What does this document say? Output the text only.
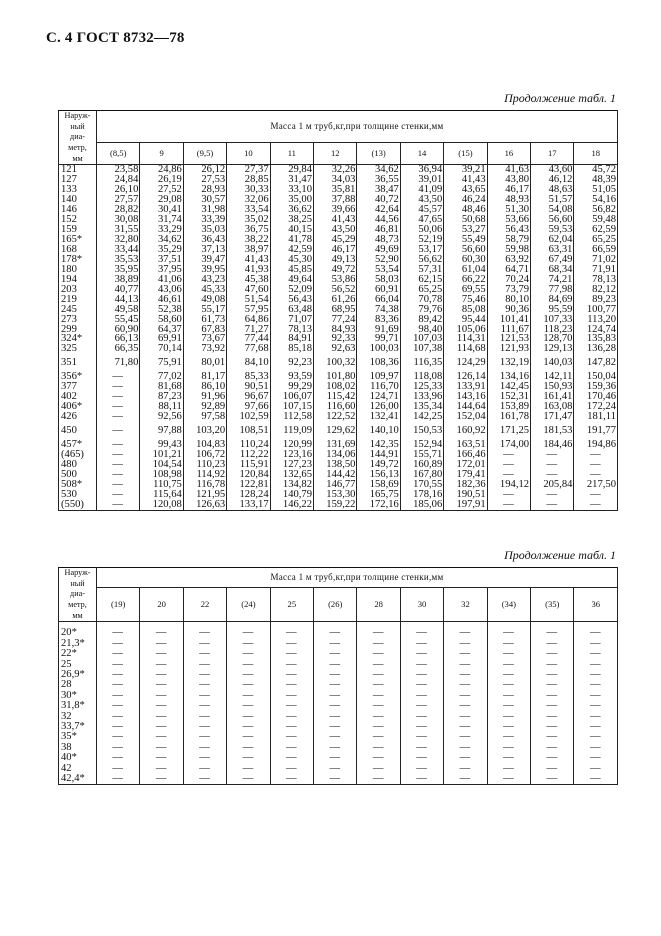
С. 4 ГОСТ 8732—78
Продолжение табл. 1
Наруж-
ный
диа-
метр,
мм	Масса 1 м труб,кг,при толщине стенки,мм											
	(8,5)	9	(9,5)	10	11	12	(13)	14	(15)	16	17	18
121	23,58	24,86	26,12	27,37	29,84	32,26	34,62	36,94	39,21	41,63	43,60	45,72
127	24,84	26,19	27,53	28,85	31,47	34,03	36,55	39,01	41,43	43,80	46,12	48,39
133	26,10	27,52	28,93	30,33	33,10	35,81	38,47	41,09	43,65	46,17	48,63	51,05
140	27,57	29,08	30,57	32,06	35,00	37,88	40,72	43,50	46,24	48,93	51,57	54,16
146	28,82	30,41	31,98	33,54	36,62	39,66	42,64	45,57	48,46	51,30	54,08	56,82
152	30,08	31,74	33,39	35,02	38,25	41,43	44,56	47,65	50,68	53,66	56,60	59,48
159	31,55	33,29	35,03	36,75	40,15	43,50	46,81	50,06	53,27	56,43	59,53	62,59
165*	32,80	34,62	36,43	38,22	41,78	45,29	48,73	52,19	55,49	58,79	62,04	65,25
168	33,44	35,29	37,13	38,97	42,59	46,17	49,69	53,17	56,60	59,98	63,31	66,59
178*	35,53	37,51	39,47	41,43	45,30	49,13	52,90	56,62	60,30	63,92	67,49	71,02
180	35,95	37,95	39,95	41,93	45,85	49,72	53,54	57,31	61,04	64,71	68,34	71,91
194	38,89	41,06	43,23	45,38	49,64	53,86	58,03	62,15	66,22	70,24	74,21	78,13
203	40,77	43,06	45,33	47,60	52,09	56,52	60,91	65,25	69,55	73,79	77,98	82,12
219	44,13	46,61	49,08	51,54	56,43	61,26	66,04	70,78	75,46	80,10	84,69	89,23
245	49,58	52,38	55,17	57,95	63,48	68,95	74,38	79,76	85,08	90,36	95,59	100,77
273	55,45	58,60	61,73	64,86	71,07	77,24	83,36	89,42	95,44	101,41	107,33	113,20
299	60,90	64,37	67,83	71,27	78,13	84,93	91,69	98,40	105,06	111,67	118,23	124,74
324*	66,13	69,91	73,67	77,44	84,91	92,33	99,71	107,03	114,31	121,53	128,70	135,83
325	66,35	70,14	73,92	77,68	85,18	92,63	100,03	107,38	114,68	121,93	129,13	136,28
351	71,80	75,91	80,01	84,10	92,23	100,32	108,36	116,35	124,29	132,19	140,03	147,82
356*	—	77,02	81,17	85,33	93,59	101,80	109,97	118,08	126,14	134,16	142,11	150,04
377	—	81,68	86,10	90,51	99,29	108,02	116,70	125,33	133,91	142,45	150,93	159,36
402	—	87,23	91,96	96,67	106,07	115,42	124,71	133,96	143,16	152,31	161,41	170,46
406*	—	88,11	92,89	97,66	107,15	116,60	126,00	135,34	144,64	153,89	163,08	172,24
426	—	92,56	97,58	102,59	112,58	122,52	132,41	142,25	152,04	161,78	171,47	181,11
450	—	97,88	103,20	108,51	119,09	129,62	140,10	150,53	160,92	171,25	181,53	191,77
457*	—	99,43	104,83	110,24	120,99	131,69	142,35	152,94	163,51	174,00	184,46	194,86
(465)	—	101,21	106,72	112,22	123,16	134,06	144,91	155,71	166,46	—	—	—
480	—	104,54	110,23	115,91	127,23	138,50	149,72	160,89	172,01	—	—	—
500	—	108,98	114,92	120,84	132,65	144,42	156,13	167,80	179,41	—	—	—
508*	—	110,75	116,78	122,81	134,82	146,77	158,69	170,55	182,36	194,12	205,84	217,50
530	—	115,64	121,95	128,24	140,79	153,30	165,75	178,16	190,51	—	—	—
(550)	—	120,08	126,63	133,17	146,22	159,22	172,16	185,06	197,91	—	—	—
Продолжение табл. 1
Наруж-
ный
диа-
метр,
мм	Масса 1 м труб,кг,при толщине стенки,мм											
	(19)	20	22	(24)	25	(26)	28	30	32	(34)	(35)	36
20*	—	—	—	—	—	—	—	—	—	—	—	—
21,3*	—	—	—	—	—	—	—	—	—	—	—	—
22*	—	—	—	—	—	—	—	—	—	—	—	—
25	—	—	—	—	—	—	—	—	—	—	—	—
26,9*	—	—	—	—	—	—	—	—	—	—	—	—
28	—	—	—	—	—	—	—	—	—	—	—	—
30*	—	—	—	—	—	—	—	—	—	—	—	—
31,8*	—	—	—	—	—	—	—	—	—	—	—	—
32	—	—	—	—	—	—	—	—	—	—	—	—
33,7*	—	—	—	—	—	—	—	—	—	—	—	—
35*	—	—	—	—	—	—	—	—	—	—	—	—
38	—	—	—	—	—	—	—	—	—	—	—	—
40*	—	—	—	—	—	—	—	—	—	—	—	—
42	—	—	—	—	—	—	—	—	—	—	—	—
42,4*	—	—	—	—	—	—	—	—	—	—	—	—
